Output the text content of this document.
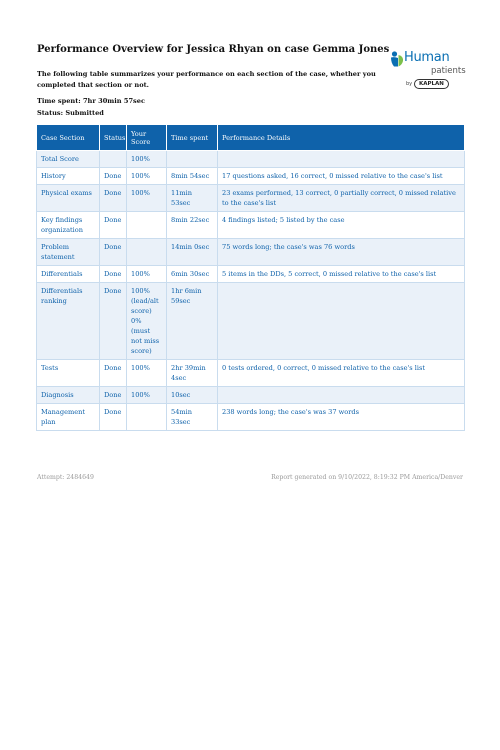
Performance Overview for Jessica Rhyan on case Gemma Jones
The following table summarizes your performance on each section of the case, whether you completed that section or not.
Time spent: 7hr 30min 57sec
Status: Submitted
Human
patients
by	KAPLAN
Case Section	Status	Your Score	Time spent	Performance Details
Total Score		100%		
History	Done	100%	8min 54sec	17 questions asked, 16 correct, 0 missed relative to the case's list
Physical exams	Done	100%	11min 53sec	23 exams performed, 13 correct, 0 partially correct, 0 missed relative to the case's list
Key findings organization	Done		8min 22sec	4 findings listed; 5 listed by the case
Problem statement	Done		14min 0sec	75 words long; the case's was 76 words
Differentials	Done	100%	6min 30sec	5 items in the DDs, 5 correct, 0 missed relative to the case's list
Differentials ranking	Done	100% (lead/alt score) 0% (must not miss score)	1hr 6min 59sec	
Tests	Done	100%	2hr 39min 4sec	0 tests ordered, 0 correct, 0 missed relative to the case's list
Diagnosis	Done	100%	10sec	
Management plan	Done		54min 33sec	238 words long; the case's was 37 words
Attempt: 2484649	Report generated on 9/10/2022, 8:19:32 PM America/Denver
